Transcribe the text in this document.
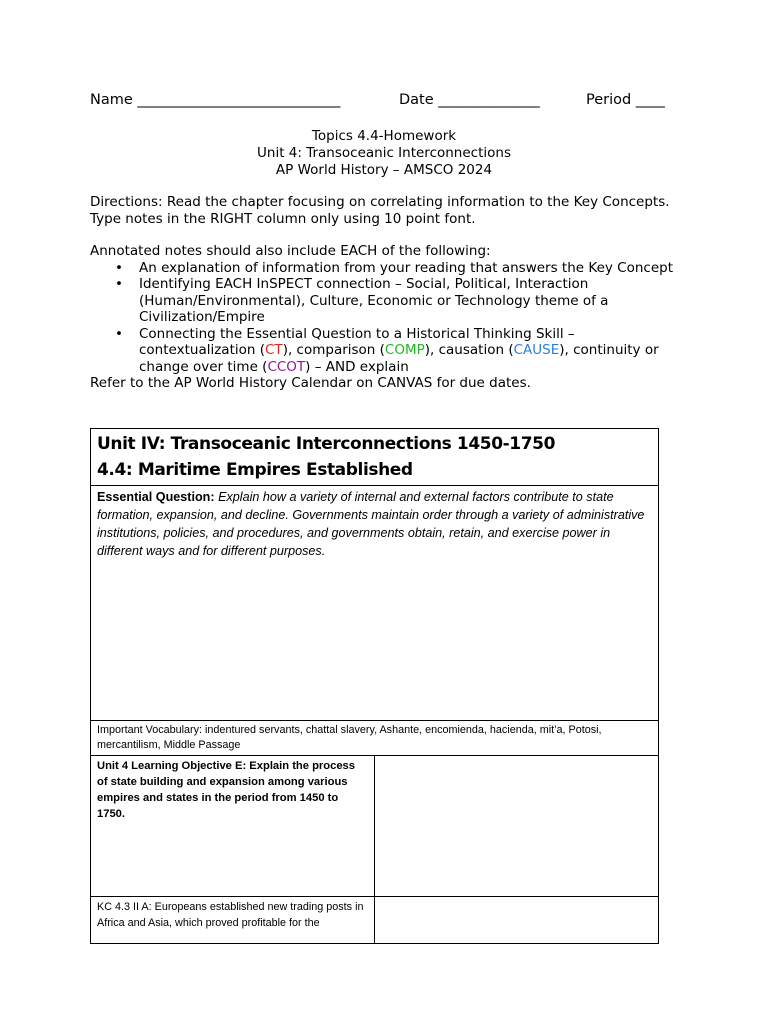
Name ____________________________	Date ______________	Period ____
Topics 4.4-Homework
Unit 4: Transoceanic Interconnections
AP World History – AMSCO 2024

Directions: Read the chapter focusing on correlating information to the Key Concepts. Type notes in the RIGHT column only using 10 point font.

Annotated notes should also include EACH of the following:

• An explanation of information from your reading that answers the Key Concept
• Identifying EACH InSPECT connection – Social, Political, Interaction (Human/Environmental), Culture, Economic or Technology theme of a Civilization/Empire
• Connecting the Essential Question to a Historical Thinking Skill – contextualization (CT), comparison (COMP), causation (CAUSE), continuity or change over time (CCOT) – AND explain

Refer to the AP World History Calendar on CANVAS for due dates.

Unit IV: Transoceanic Interconnections 1450-1750
4.4: Maritime Empires Established	

Essential Question: Explain how a variety of internal and external factors contribute to state formation, expansion, and decline. Governments maintain order through a variety of administrative institutions, policies, and procedures, and governments obtain, retain, and exercise power in different ways and for different purposes.	
Important Vocabulary: indentured servants, chattal slavery, Ashante, encomienda, hacienda, mit’a, Potosi, mercantilism, Middle Passage	
Unit 4 Learning Objective E: Explain the process of state building and expansion among various empires and states in the period from 1450 to 1750.	
KC 4.3 II A: Europeans established new trading posts in Africa and Asia, which proved profitable for the	
